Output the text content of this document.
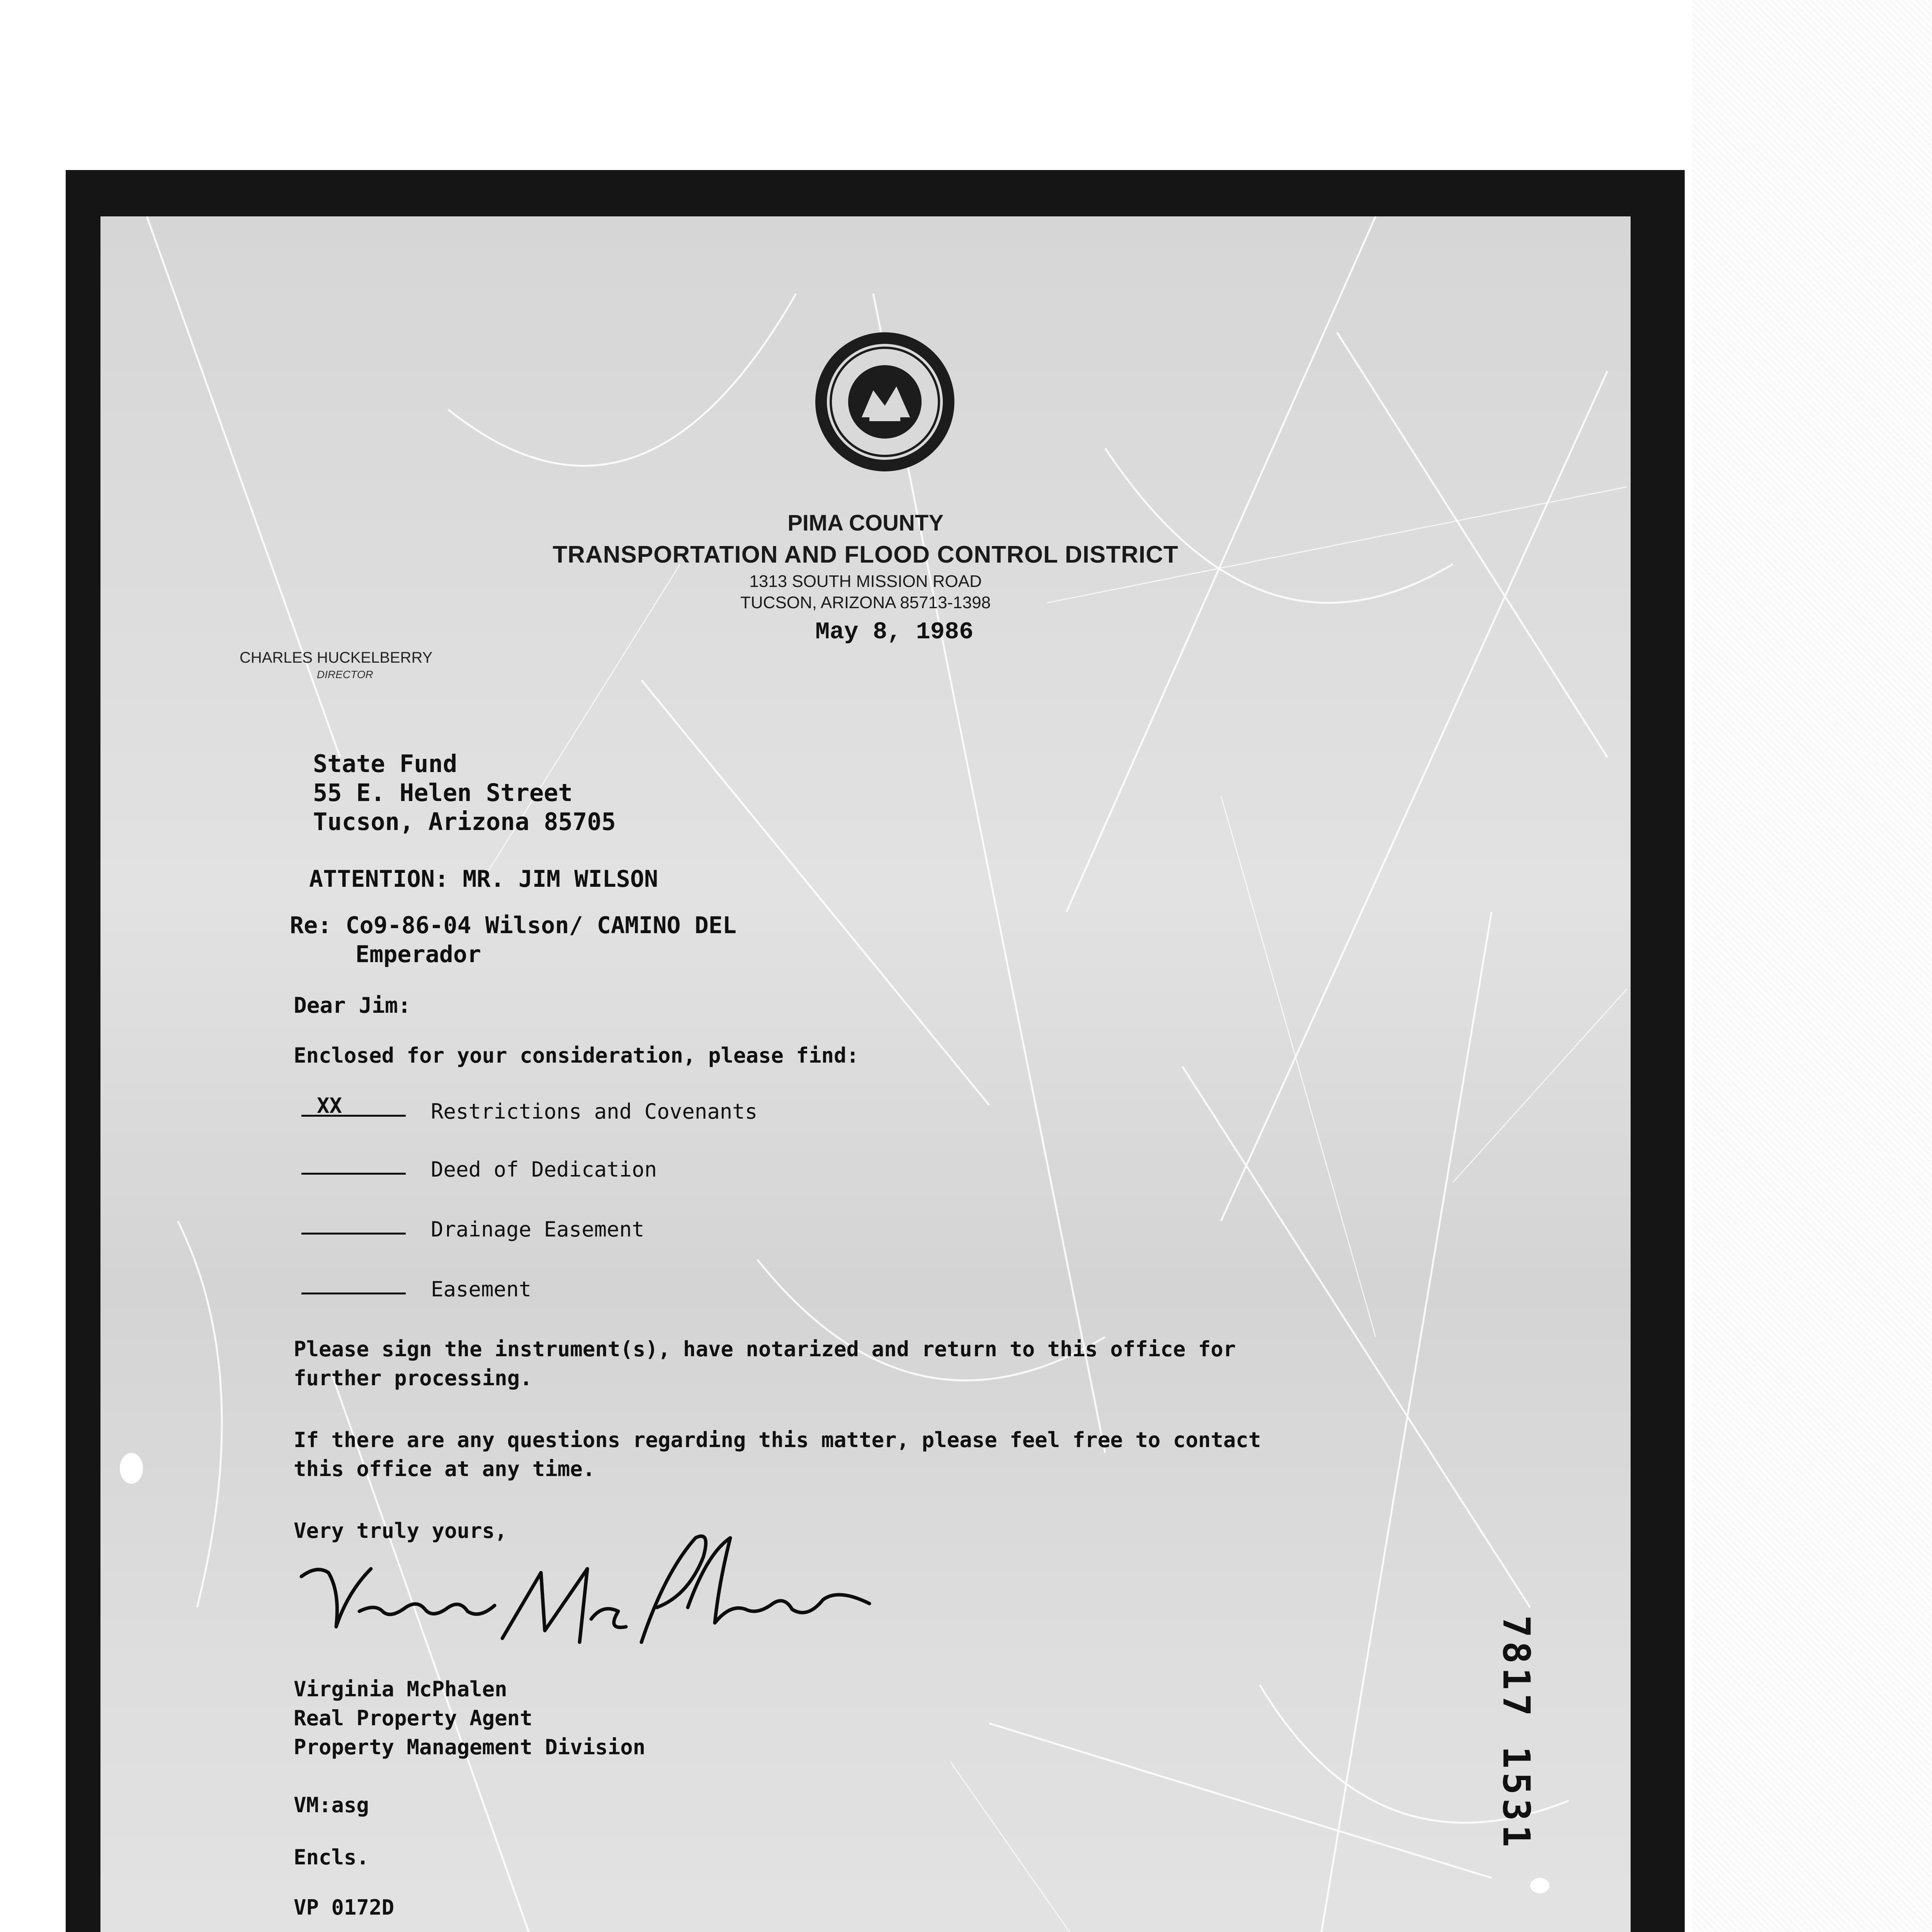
PIMA COUNTY
TRANSPORTATION AND FLOOD CONTROL DISTRICT
1313 SOUTH MISSION ROAD
TUCSON, ARIZONA 85713-1398
May 8, 1986
CHARLES HUCKELBERRY
DIRECTOR
State Fund
55 E. Helen Street
Tucson, Arizona 85705
ATTENTION: MR. JIM WILSON
Re: Co9-86-04 Wilson/ CAMINO DEL
Emperador
Dear Jim:
Enclosed for your consideration, please find:
XX	Restrictions and Covenants
Deed of Dedication
Drainage Easement
Easement
Please sign the instrument(s), have notarized and return to this office for
further processing.
If there are any questions regarding this matter, please feel free to contact
this office at any time.
Very truly yours,
Virginia McPhalen
Real Property Agent
Property Management Division
VM:asg
Encls.
VP 0172D
7817 1531
